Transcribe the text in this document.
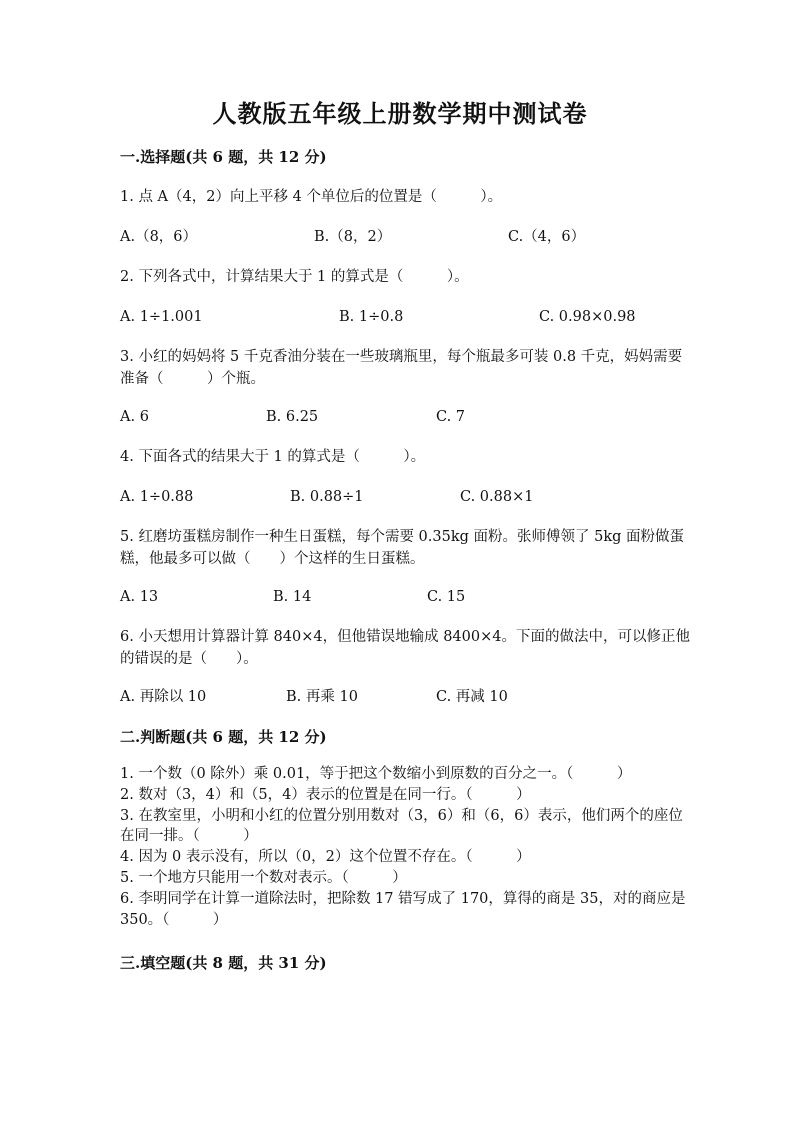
人教版五年级上册数学期中测试卷
一.选择题(共 6 题，共 12 分)
1. 点 A（4，2）向上平移 4 个单位后的位置是（　　　）。
A.（8，6）	B.（8，2）	C.（4，6）
2. 下列各式中，计算结果大于 1 的算式是（　　　）。
A. 1÷1.001	B. 1÷0.8	C. 0.98×0.98
3. 小红的妈妈将 5 千克香油分装在一些玻璃瓶里，每个瓶最多可装 0.8 千克，妈妈需要准备（　　　）个瓶。
A. 6	B. 6.25	C. 7
4. 下面各式的结果大于 1 的算式是（　　　）。
A. 1÷0.88	B. 0.88÷1	C. 0.88×1
5. 红磨坊蛋糕房制作一种生日蛋糕，每个需要 0.35kg 面粉。张师傅领了 5kg 面粉做蛋糕，他最多可以做（　　）个这样的生日蛋糕。
A. 13	B. 14	C. 15
6. 小天想用计算器计算 840×4，但他错误地输成 8400×4。下面的做法中，可以修正他的错误的是（　　）。
A. 再除以 10	B. 再乘 10	C. 再减 10
二.判断题(共 6 题，共 12 分)

1. 一个数（0 除外）乘 0.01，等于把这个数缩小到原数的百分之一。（　　　）

2. 数对（3，4）和（5，4）表示的位置是在同一行。（　　　）

3. 在教室里，小明和小红的位置分别用数对（3，6）和（6，6）表示，他们两个的座位在同一排。（　　　）

4. 因为 0 表示没有，所以（0，2）这个位置不存在。（　　　）

5. 一个地方只能用一个数对表示。（　　　）

6. 李明同学在计算一道除法时，把除数 17 错写成了 170，算得的商是 35，对的商应是 350。（　　　）

三.填空题(共 8 题，共 31 分)
